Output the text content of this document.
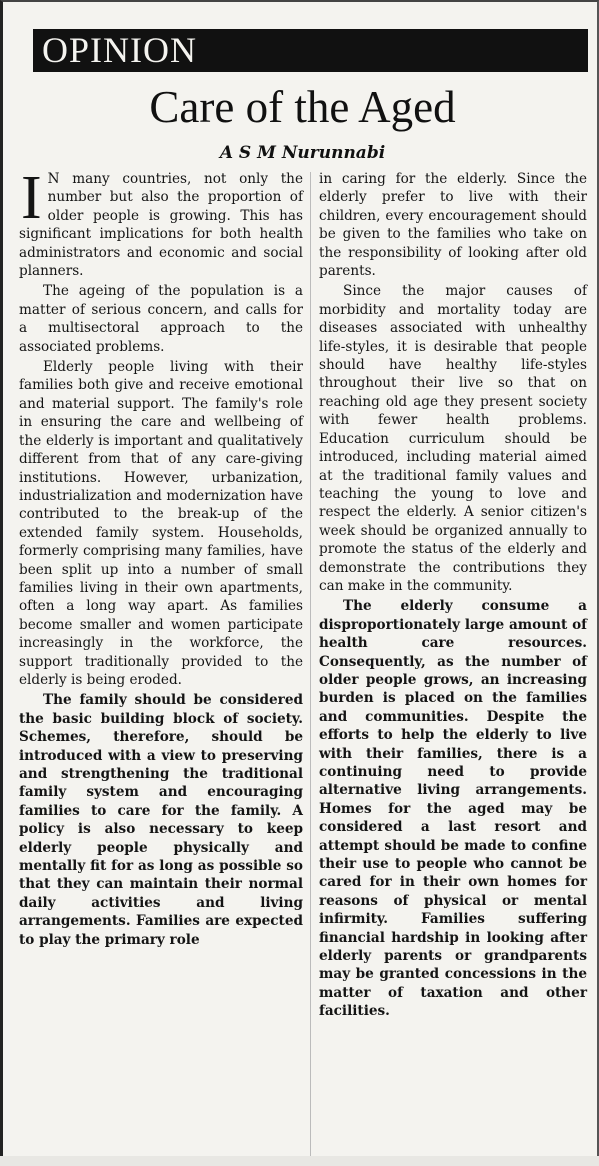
OPINION
Care of the Aged
A S M Nurunnabi

I N many countries, not only the number but also the proportion of older people is growing. This has significant implications for both health administrators and economic and social planners.

The ageing of the population is a matter of serious concern, and calls for a multisectoral approach to the associated problems.

Elderly people living with their families both give and receive emotional and material support. The family's role in ensuring the care and wellbeing of the elderly is important and qualitatively different from that of any care-giving institutions. However, urbanization, industrialization and modernization have contributed to the break-up of the extended family system. Households, formerly comprising many families, have been split up into a number of small families living in their own apartments, often a long way apart. As families become smaller and women participate increasingly in the workforce, the support traditionally provided to the elderly is being eroded.

The family should be considered the basic building block of society. Schemes, therefore, should be introduced with a view to preserving and strengthening the traditional family system and encouraging families to care for the family. A policy is also necessary to keep elderly people physically and mentally fit for as long as possible so that they can maintain their normal daily activities and living arrangements. Families are expected to play the primary role

in caring for the elderly. Since the elderly prefer to live with their children, every encouragement should be given to the families who take on the responsibility of looking after old parents.

Since the major causes of morbidity and mortality today are diseases associated with unhealthy life-styles, it is desirable that people should have healthy life-styles throughout their live so that on reaching old age they present society with fewer health problems. Education curriculum should be introduced, including material aimed at the traditional family values and teaching the young to love and respect the elderly. A senior citizen's week should be organized annually to promote the status of the elderly and demonstrate the contributions they can make in the community.

The elderly consume a disproportionately large amount of health care resources. Consequently, as the number of older people grows, an increasing burden is placed on the families and communities. Despite the efforts to help the elderly to live with their families, there is a continuing need to provide alternative living arrangements. Homes for the aged may be considered a last resort and attempt should be made to confine their use to people who cannot be cared for in their own homes for reasons of physical or mental infirmity. Families suffering financial hardship in looking after elderly parents or grandparents may be granted concessions in the matter of taxation and other facilities.
